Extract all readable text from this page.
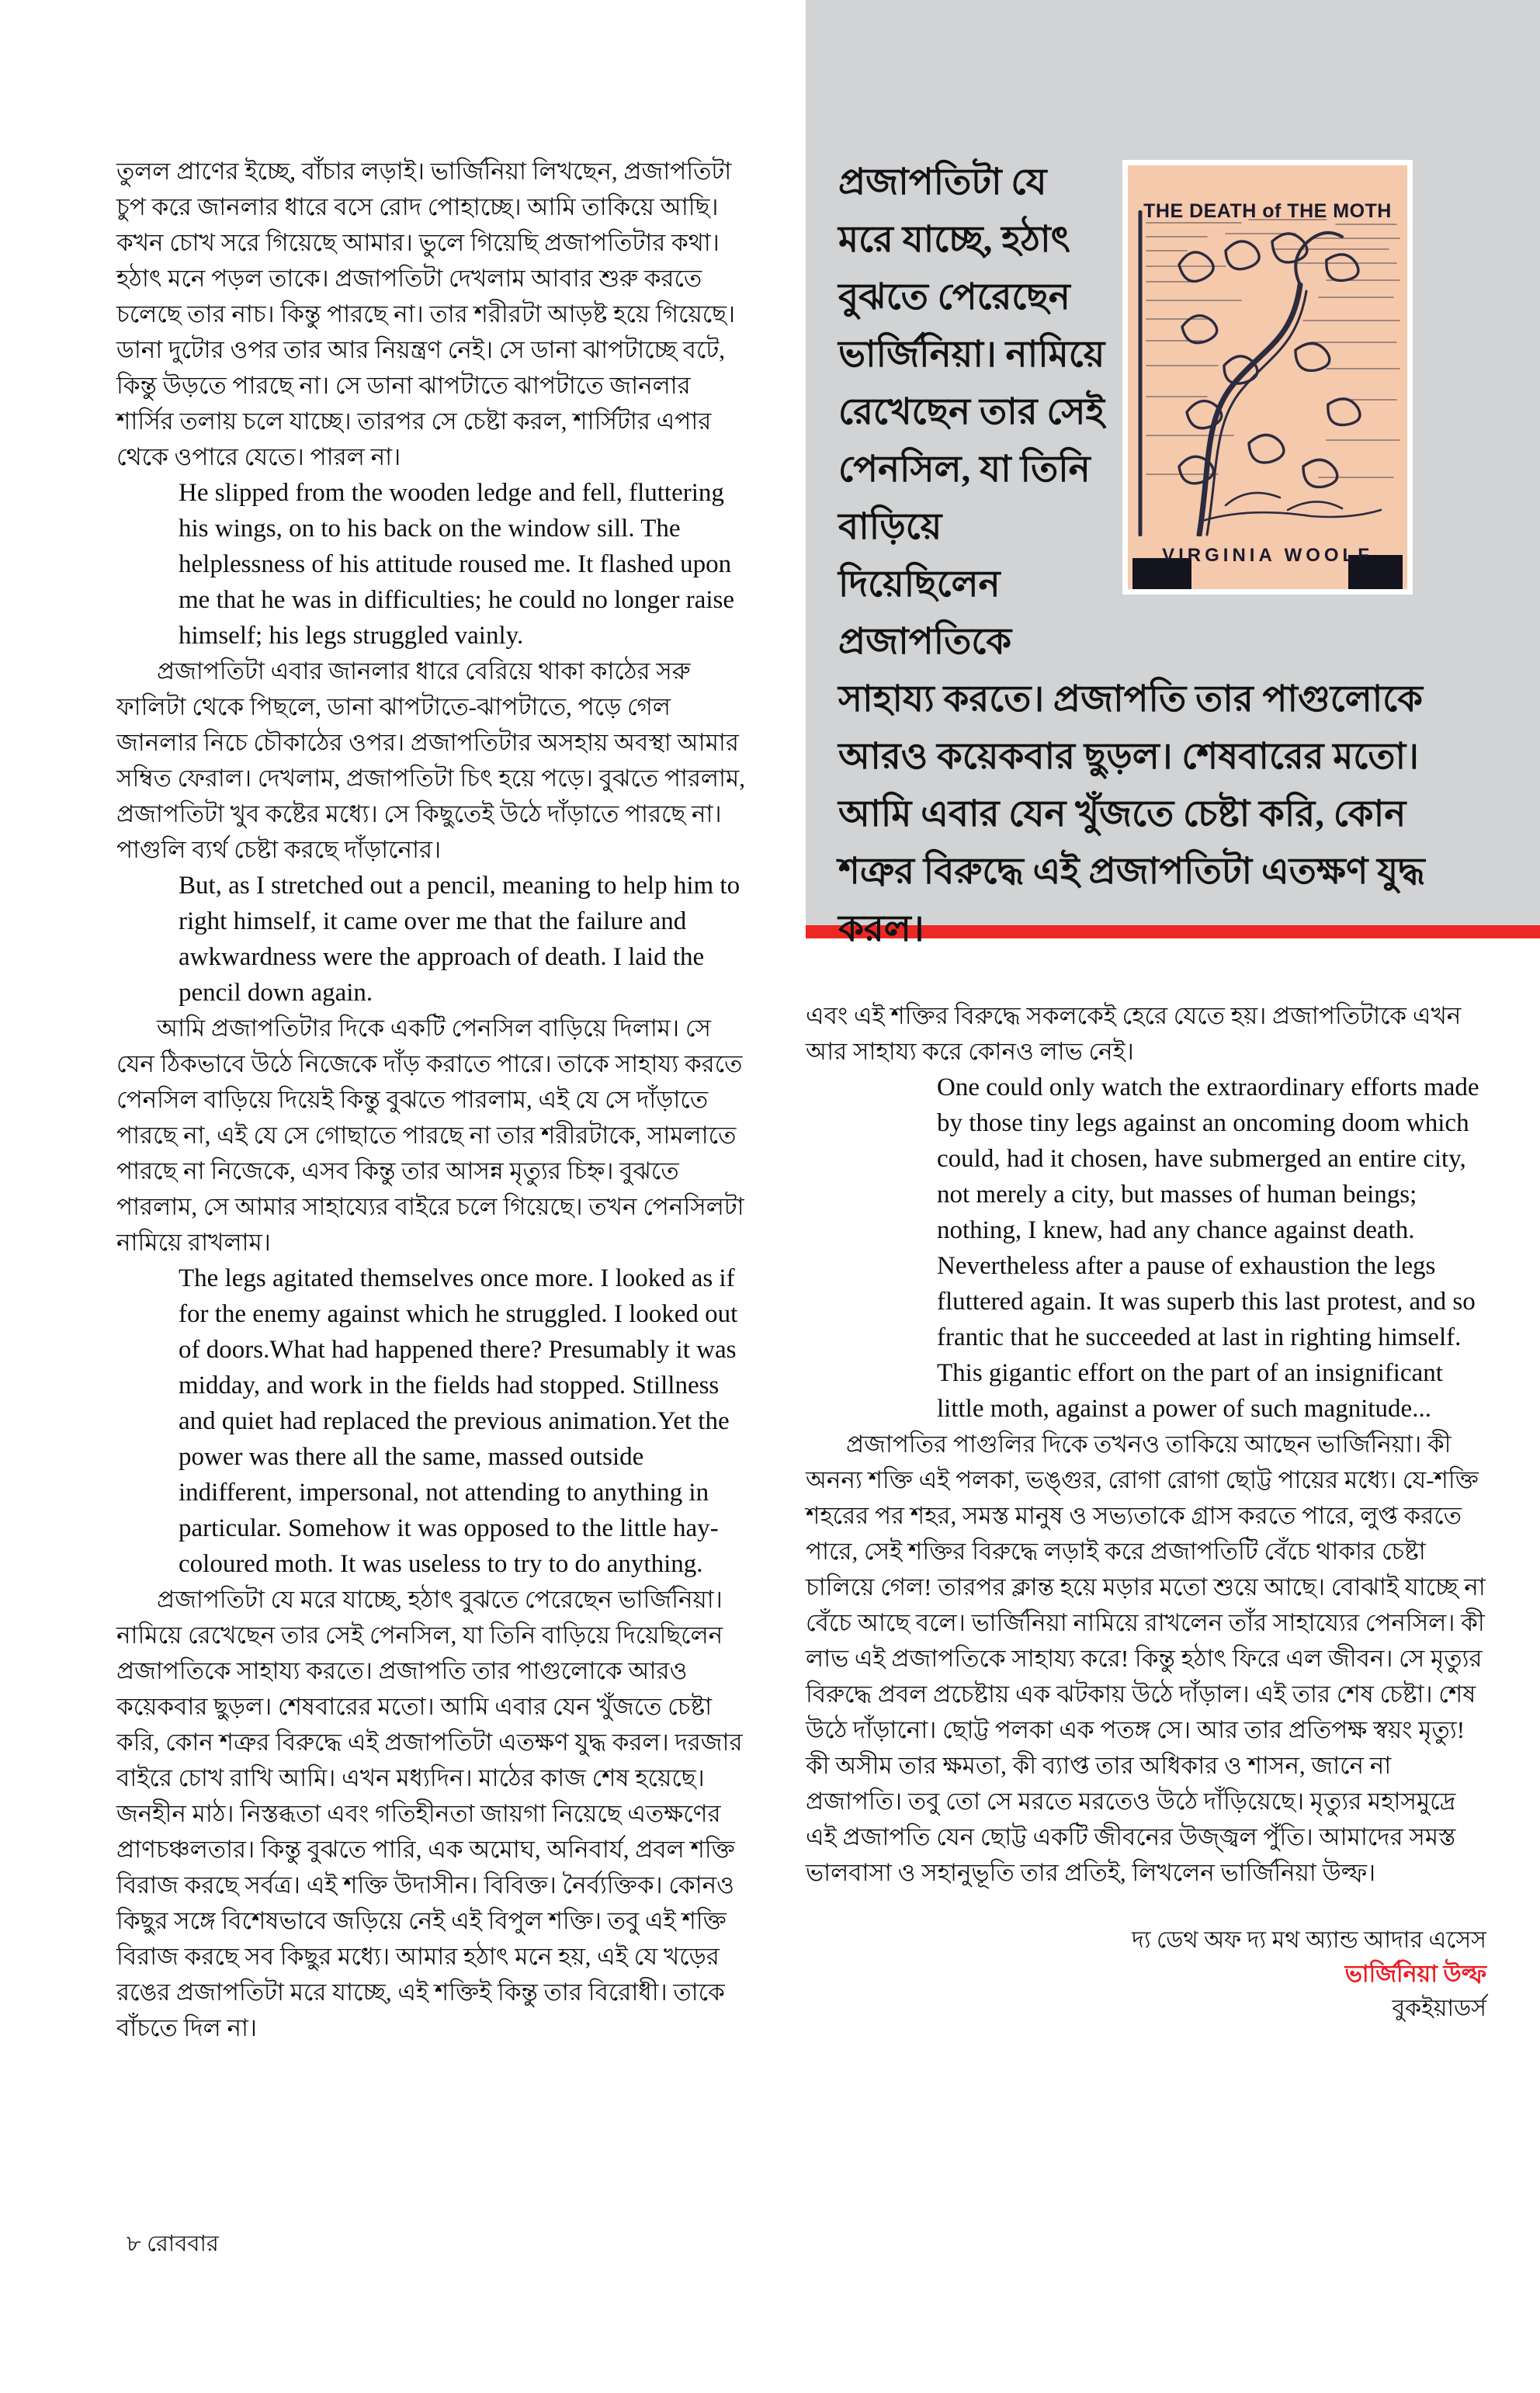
THE DEATH of THE MOTH
VIRGINIA WOOLF
প্রজাপতিটা যে মরে যাচ্ছে, হঠাৎ বুঝতে পেরেছেন ভার্জিনিয়া। নামিয়ে রেখেছেন তার সেই পেনসিল, যা তিনি বাড়িয়ে দিয়েছিলেন প্রজাপতিকে সাহায্য করতে। প্রজাপতি তার পাগুলোকে আরও কয়েকবার ছুড়ল। শেষবারের মতো। আমি এবার যেন খুঁজতে চেষ্টা করি, কোন শত্রুর বিরুদ্ধে এই প্রজাপতিটা এতক্ষণ যুদ্ধ করল।

তুলল প্রাণের ইচ্ছে, বাঁচার লড়াই। ভার্জিনিয়া লিখছেন, প্রজাপতিটা চুপ করে জানলার ধারে বসে রোদ পোহাচ্ছে। আমি তাকিয়ে আছি। কখন চোখ সরে গিয়েছে আমার। ভুলে গিয়েছি প্রজাপতিটার কথা। হঠাৎ মনে পড়ল তাকে। প্রজাপতিটা দেখলাম আবার শুরু করতে চলেছে তার নাচ। কিন্তু পারছে না। তার শরীরটা আড়ষ্ট হয়ে গিয়েছে। ডানা দুটোর ওপর তার আর নিয়ন্ত্রণ নেই। সে ডানা ঝাপটাচ্ছে বটে, কিন্তু উড়তে পারছে না। সে ডানা ঝাপটাতে ঝাপটাতে জানলার শার্সির তলায় চলে যাচ্ছে। তারপর সে চেষ্টা করল, শার্সিটার এপার থেকে ওপারে যেতে। পারল না।

He slipped from the wooden ledge and fell, fluttering his wings, on to his back on the window sill. The helplessness of his attitude roused me. It flashed upon me that he was in difficulties; he could no longer raise himself; his legs struggled vainly.

প্রজাপতিটা এবার জানলার ধারে বেরিয়ে থাকা কাঠের সরু ফালিটা থেকে পিছলে, ডানা ঝাপটাতে-ঝাপটাতে, পড়ে গেল জানলার নিচে চৌকাঠের ওপর। প্রজাপতিটার অসহায় অবস্থা আমার সম্বিত ফেরাল। দেখলাম, প্রজাপতিটা চিৎ হয়ে পড়ে। বুঝতে পারলাম, প্রজাপতিটা খুব কষ্টের মধ্যে। সে কিছুতেই উঠে দাঁড়াতে পারছে না। পাগুলি ব্যর্থ চেষ্টা করছে দাঁড়ানোর।

But, as I stretched out a pencil, meaning to help him to right himself, it came over me that the failure and awkwardness were the approach of death. I laid the pencil down again.

আমি প্রজাপতিটার দিকে একটি পেনসিল বাড়িয়ে দিলাম। সে যেন ঠিকভাবে উঠে নিজেকে দাঁড় করাতে পারে। তাকে সাহায্য করতে পেনসিল বাড়িয়ে দিয়েই কিন্তু বুঝতে পারলাম, এই যে সে দাঁড়াতে পারছে না, এই যে সে গোছাতে পারছে না তার শরীরটাকে, সামলাতে পারছে না নিজেকে, এসব কিন্তু তার আসন্ন মৃত্যুর চিহ্ন। বুঝতে পারলাম, সে আমার সাহায্যের বাইরে চলে গিয়েছে। তখন পেনসিলটা নামিয়ে রাখলাম।

The legs agitated themselves once more. I looked as if for the enemy against which he struggled. I looked out of doors.What had happened there? Presumably it was midday, and work in the fields had stopped. Stillness and quiet had replaced the previous animation.Yet the power was there all the same, massed outside indifferent, impersonal, not attending to anything in particular. Somehow it was opposed to the little hay-coloured moth. It was useless to try to do anything.

প্রজাপতিটা যে মরে যাচ্ছে, হঠাৎ বুঝতে পেরেছেন ভার্জিনিয়া। নামিয়ে রেখেছেন তার সেই পেনসিল, যা তিনি বাড়িয়ে দিয়েছিলেন প্রজাপতিকে সাহায্য করতে। প্রজাপতি তার পাগুলোকে আরও কয়েকবার ছুড়ল। শেষবারের মতো। আমি এবার যেন খুঁজতে চেষ্টা করি, কোন শত্রুর বিরুদ্ধে এই প্রজাপতিটা এতক্ষণ যুদ্ধ করল। দরজার বাইরে চোখ রাখি আমি। এখন মধ্যদিন। মাঠের কাজ শেষ হয়েছে। জনহীন মাঠ। নিস্তব্ধতা এবং গতিহীনতা জায়গা নিয়েছে এতক্ষণের প্রাণচঞ্চলতার। কিন্তু বুঝতে পারি, এক অমোঘ, অনিবার্য, প্রবল শক্তি বিরাজ করছে সর্বত্র। এই শক্তি উদাসীন। বিবিক্ত। নৈর্ব্যক্তিক। কোনও কিছুর সঙ্গে বিশেষভাবে জড়িয়ে নেই এই বিপুল শক্তি। তবু এই শক্তি বিরাজ করছে সব কিছুর মধ্যে। আমার হঠাৎ মনে হয়, এই যে খড়ের রঙের প্রজাপতিটা মরে যাচ্ছে, এই শক্তিই কিন্তু তার বিরোধী। তাকে বাঁচতে দিল না।

এবং এই শক্তির বিরুদ্ধে সকলকেই হেরে যেতে হয়। প্রজাপতিটাকে এখন আর সাহায্য করে কোনও লাভ নেই।

One could only watch the extraordinary efforts made by those tiny legs against an oncoming doom which could, had it chosen, have submerged an entire city, not merely a city, but masses of human beings; nothing, I knew, had any chance against death. Nevertheless after a pause of exhaustion the legs fluttered again. It was superb this last protest, and so frantic that he succeeded at last in righting himself. This gigantic effort on the part of an insignificant little moth, against a power of such magnitude...

প্রজাপতির পাগুলির দিকে তখনও তাকিয়ে আছেন ভার্জিনিয়া। কী অনন্য শক্তি এই পলকা, ভঙ্গুর, রোগা রোগা ছোট্ট পায়ের মধ্যে। যে-শক্তি শহরের পর শহর, সমস্ত মানুষ ও সভ্যতাকে গ্রাস করতে পারে, লুপ্ত করতে পারে, সেই শক্তির বিরুদ্ধে লড়াই করে প্রজাপতিটি বেঁচে থাকার চেষ্টা চালিয়ে গেল! তারপর ক্লান্ত হয়ে মড়ার মতো শুয়ে আছে। বোঝাই যাচ্ছে না বেঁচে আছে বলে। ভার্জিনিয়া নামিয়ে রাখলেন তাঁর সাহায্যের পেনসিল। কী লাভ এই প্রজাপতিকে সাহায্য করে! কিন্তু হঠাৎ ফিরে এল জীবন। সে মৃত্যুর বিরুদ্ধে প্রবল প্রচেষ্টায় এক ঝটকায় উঠে দাঁড়াল। এই তার শেষ চেষ্টা। শেষ উঠে দাঁড়ানো। ছোট্ট পলকা এক পতঙ্গ সে। আর তার প্রতিপক্ষ স্বয়ং মৃত্যু! কী অসীম তার ক্ষমতা, কী ব্যাপ্ত তার অধিকার ও শাসন, জানে না প্রজাপতি। তবু তো সে মরতে মরতেও উঠে দাঁড়িয়েছে। মৃত্যুর মহাসমুদ্রে এই প্রজাপতি যেন ছোট্ট একটি জীবনের উজ্জ্বল পুঁতি। আমাদের সমস্ত ভালবাসা ও সহানুভূতি তার প্রতিই, লিখলেন ভার্জিনিয়া উল্ফ।

দ্য ডেথ অফ দ্য মথ অ্যান্ড আদার এসেস
ভার্জিনিয়া উল্ফ
বুকইয়াডর্স
৮ রোববার
